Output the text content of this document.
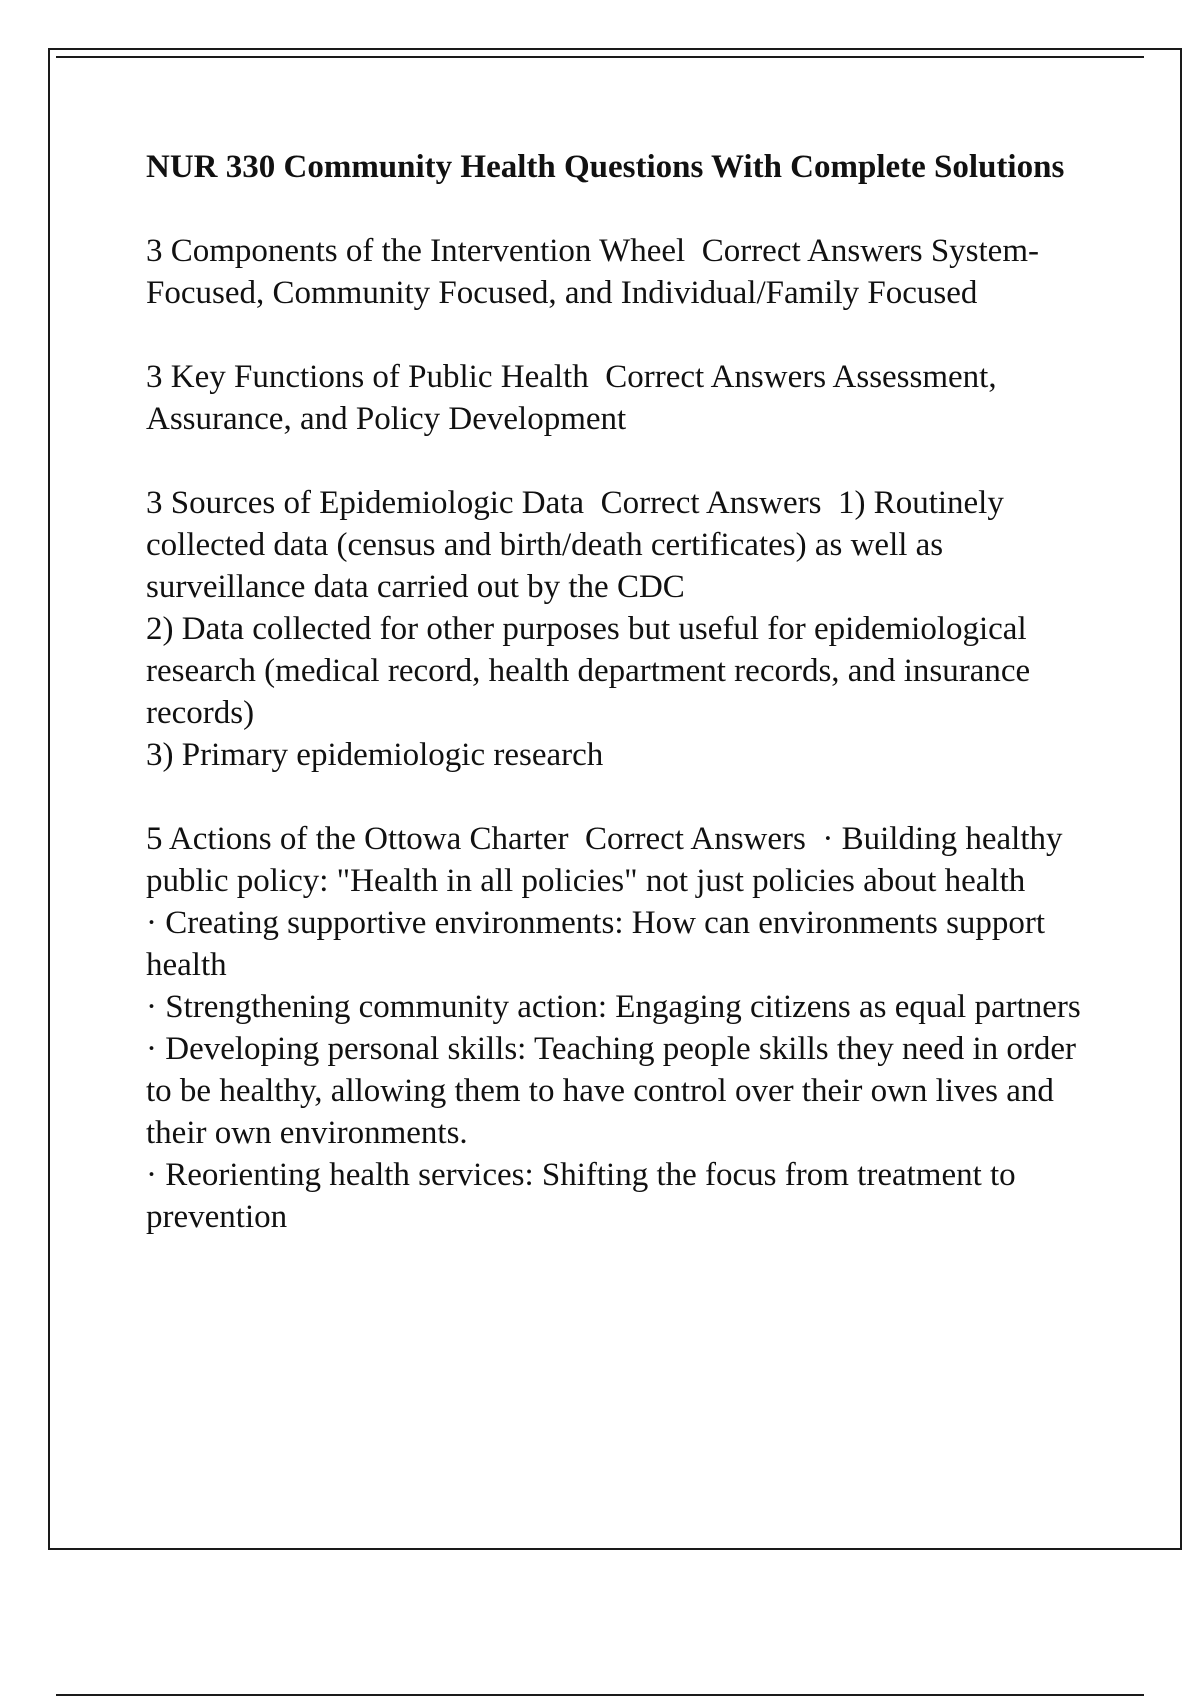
NUR 330 Community Health Questions With Complete Solutions
3 Components of the Intervention Wheel Correct Answers System-Focused, Community Focused, and Individual/Family Focused
3 Key Functions of Public Health Correct Answers Assessment, Assurance, and Policy Development
3 Sources of Epidemiologic Data Correct Answers 1) Routinely collected data (census and birth/death certificates) as well as surveillance data carried out by the CDC
2) Data collected for other purposes but useful for epidemiological research (medical record, health department records, and insurance records)
3) Primary epidemiologic research
5 Actions of the Ottowa Charter Correct Answers · Building healthy public policy: "Health in all policies" not just policies about health
· Creating supportive environments: How can environments support health
· Strengthening community action: Engaging citizens as equal partners
· Developing personal skills: Teaching people skills they need in order to be healthy, allowing them to have control over their own lives and their own environments.
· Reorienting health services: Shifting the focus from treatment to prevention
